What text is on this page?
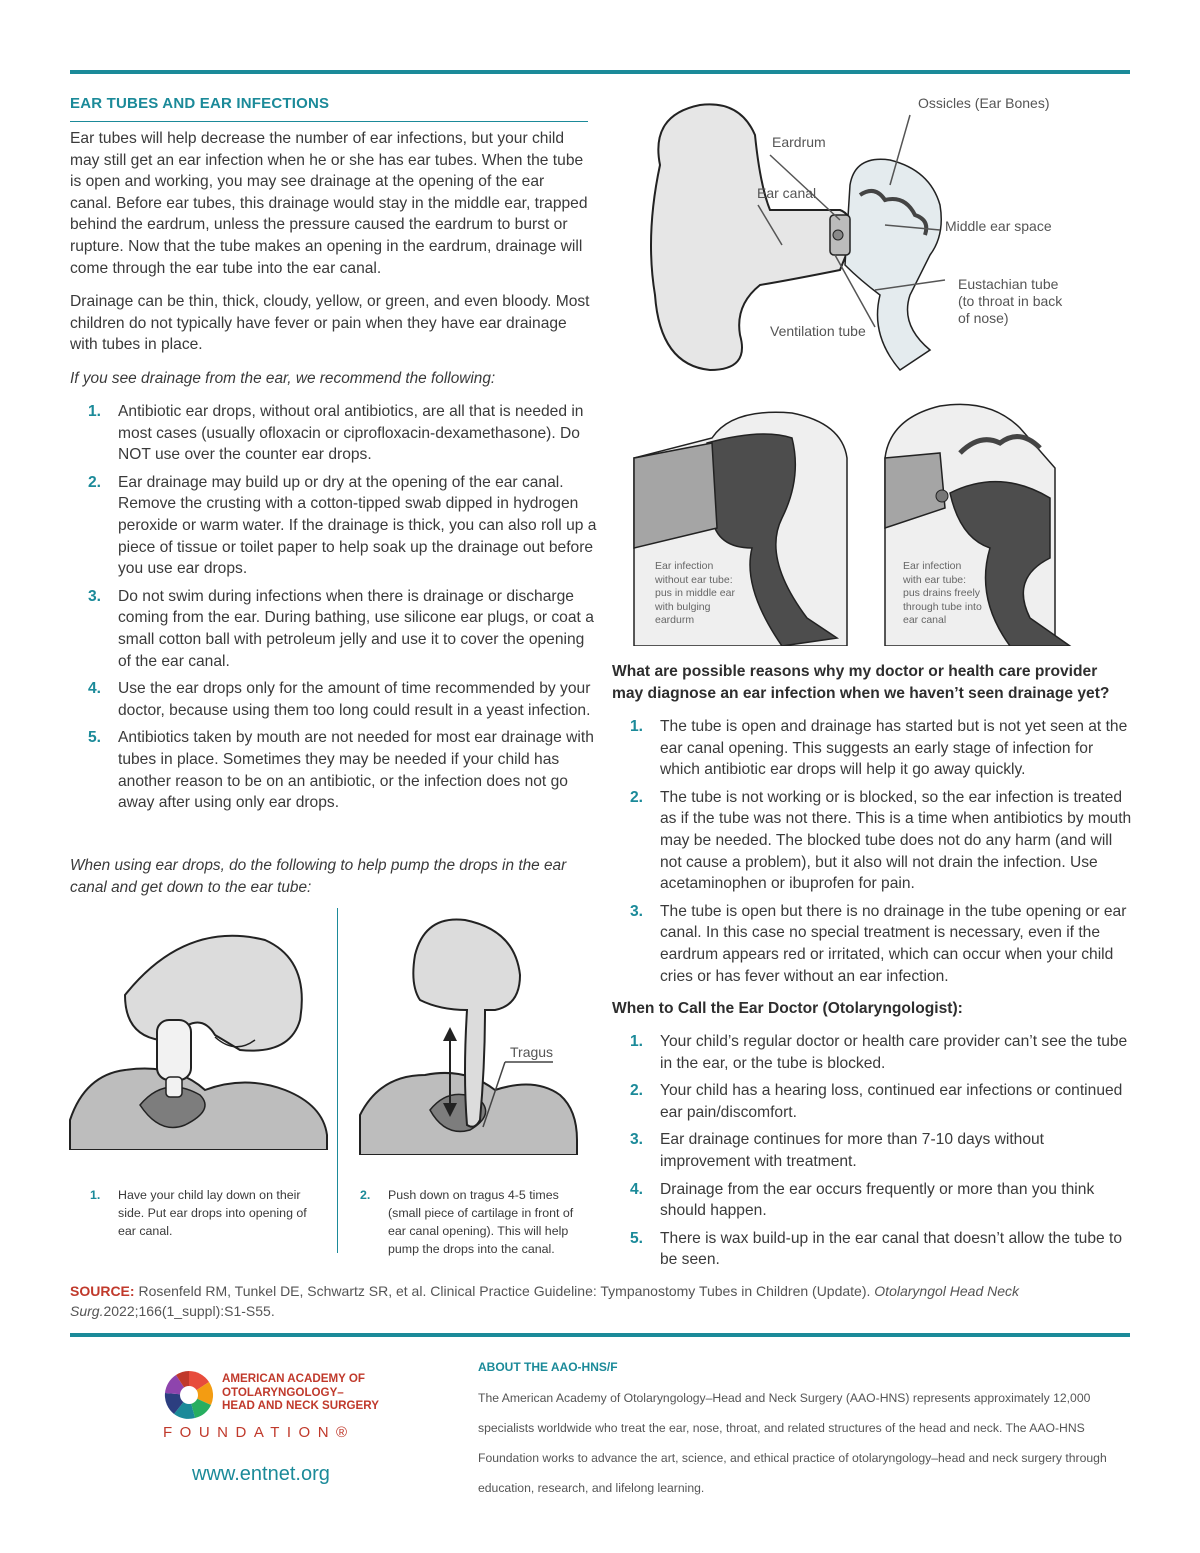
EAR TUBES AND EAR INFECTIONS

Ear tubes will help decrease the number of ear infections, but your child may still get an ear infection when he or she has ear tubes. When the tube is open and working, you may see drainage at the opening of the ear canal. Before ear tubes, this drainage would stay in the middle ear, trapped behind the eardrum, unless the pressure caused the eardrum to burst or rupture. Now that the tube makes an opening in the eardrum, drainage will come through the ear tube into the ear canal.

Drainage can be thin, thick, cloudy, yellow, or green, and even bloody. Most children do not typically have fever or pain when they have ear drainage with tubes in place.

If you see drainage from the ear, we recommend the following:

1. Antibiotic ear drops, without oral antibiotics, are all that is needed in most cases (usually ofloxacin or ciprofloxacin-dexamethasone). Do NOT use over the counter ear drops.
2. Ear drainage may build up or dry at the opening of the ear canal. Remove the crusting with a cotton-tipped swab dipped in hydrogen peroxide or warm water. If the drainage is thick, you can also roll up a piece of tissue or toilet paper to help soak up the drainage out before you use ear drops.
3. Do not swim during infections when there is drainage or discharge coming from the ear. During bathing, use silicone ear plugs, or coat a small cotton ball with petroleum jelly and use it to cover the opening of the ear canal.
4. Use the ear drops only for the amount of time recommended by your doctor, because using them too long could result in a yeast infection.
5. Antibiotics taken by mouth are not needed for most ear drainage with tubes in place. Sometimes they may be needed if your child has another reason to be on an antibiotic, or the infection does not go away after using only ear drops.

When using ear drops, do the following to help pump the drops in the ear canal and get down to the ear tube:

Tragus
1. Have your child lay down on their side. Put ear drops into opening of ear canal.
2. Push down on tragus 4-5 times (small piece of cartilage in front of ear canal opening). This will help pump the drops into the canal.
Ossicles (Ear Bones)
Eardrum
Ear canal
Middle ear space
Eustachian tube
(to throat in back
of nose)
Ventilation tube
Ear infection
without ear tube:
pus in middle ear
with bulging
eardurm
Ear infection
with ear tube:
pus drains freely
through tube into
ear canal
What are possible reasons why my doctor or health care provider may diagnose an ear infection when we haven’t seen drainage yet?
1. The tube is open and drainage has started but is not yet seen at the ear canal opening. This suggests an early stage of infection for which antibiotic ear drops will help it go away quickly.
2. The tube is not working or is blocked, so the ear infection is treated as if the tube was not there. This is a time when antibiotics by mouth may be needed. The blocked tube does not do any harm (and will not cause a problem), but it also will not drain the infection. Use acetaminophen or ibuprofen for pain.
3. The tube is open but there is no drainage in the tube opening or ear canal. In this case no special treatment is necessary, even if the eardrum appears red or irritated, which can occur when your child cries or has fever without an ear infection.
When to Call the Ear Doctor (Otolaryngologist):
1. Your child’s regular doctor or health care provider can’t see the tube in the ear, or the tube is blocked.
2. Your child has a hearing loss, continued ear infections or continued ear pain/discomfort.
3. Ear drainage continues for more than 7-10 days without improvement with treatment.
4. Drainage from the ear occurs frequently or more than you think should happen.
5. There is wax build-up in the ear canal that doesn’t allow the tube to be seen.
SOURCE: Rosenfeld RM, Tunkel DE, Schwartz SR, et al. Clinical Practice Guideline: Tympanostomy Tubes in Children (Update). Otolaryngol Head Neck Surg.2022;166(1_suppl):S1-S55.
AMERICAN ACADEMY OF
OTOLARYNGOLOGY–
HEAD AND NECK SURGERY
FOUNDATION®
www.entnet.org
ABOUT THE AAO-HNS/F
The American Academy of Otolaryngology–Head and Neck Surgery (AAO-HNS) represents approximately 12,000 specialists worldwide who treat the ear, nose, throat, and related structures of the head and neck. The AAO-HNS Foundation works to advance the art, science, and ethical practice of otolaryngology–head and neck surgery through education, research, and lifelong learning.
